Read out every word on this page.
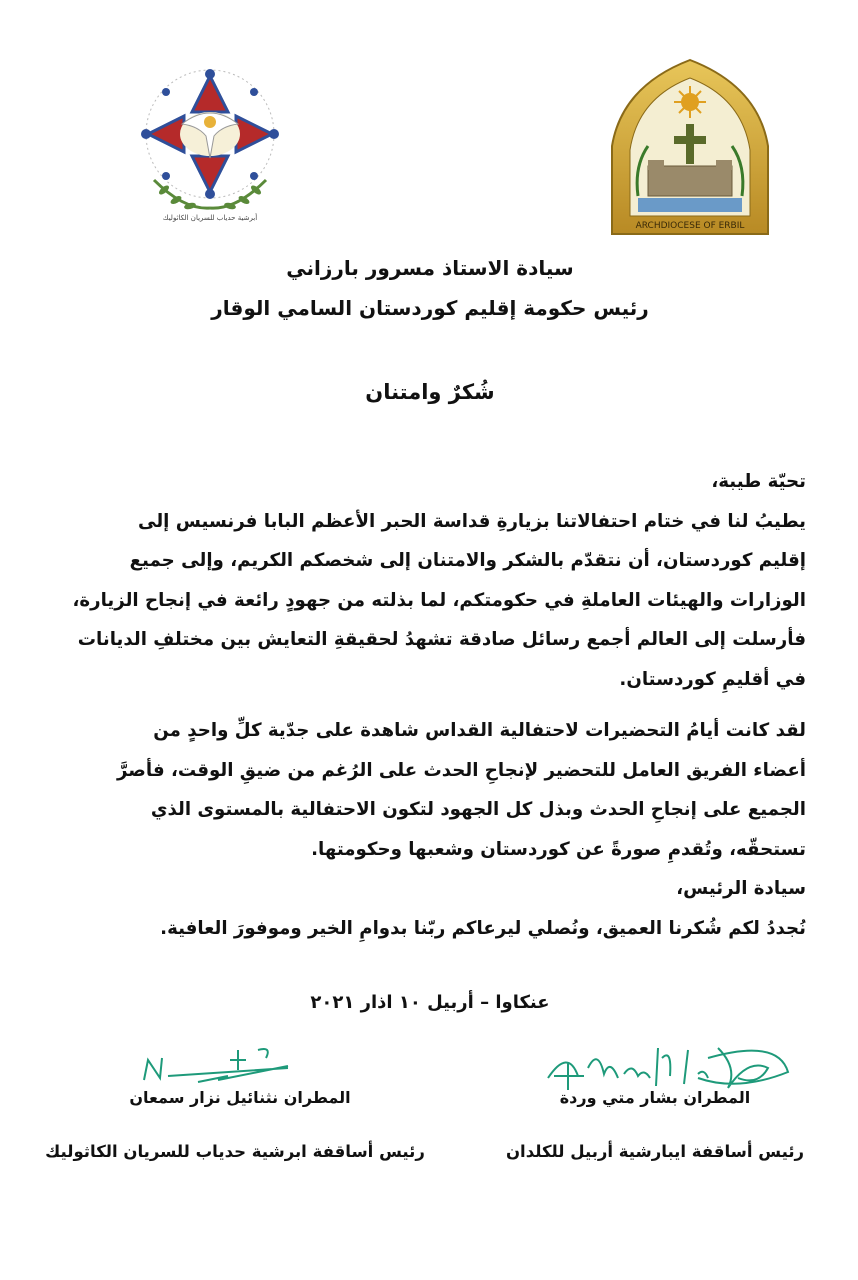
أبرشية حدياب للسريان الكاثوليك
ARCHDIOCESE OF ERBIL
سيادة الاستاذ مسرور بارزاني
رئيس حكومة إقليم كوردستان السامي الوقار
شُكرٌ وامتنان
تحيّة طيبة،
يطيبُ لنا في ختام احتفالاتنا بزيارةِ قداسة الحبر الأعظم البابا فرنسيس إلى
إقليم كوردستان، أن نتقدّم بالشكر والامتنان إلى شخصكم الكريم، وإلى جميع
الوزارات والهيئات العاملةِ في حكومتكم، لما بذلته من جهودٍ رائعة في إنجاح الزيارة،
فأرسلت إلى العالم أجمع رسائل صادقة تشهدُ لحقيقةِ التعايش بين مختلفِ الديانات
في أقليمِ كوردستان.
لقد كانت أيامُ التحضيرات لاحتفالية القداس شاهدة على جدّية كلِّ واحدٍ من
أعضاء الفريق العامل للتحضير لإنجاحِ الحدث على الرُغم من ضيقِ الوقت، فأصرَّ
الجميع على إنجاحِ الحدث وبذل كل الجهود لتكون الاحتفالية بالمستوى الذي
تستحقّه، وتُقدمِ صورةً عن كوردستان وشعبها وحكومتها.
سيادة الرئيس،
نُجددُ لكم شُكرنا العميق، ونُصلي ليرعاكم ربّنا بدوامِ الخير وموفورَ العافية.
عنكاوا – أربيل ١٠ اذار ٢٠٢١
المطران بشار متي وردة
المطران نثنائيل نزار سمعان
رئيس أساقفة ايبارشية أربيل للكلدان
رئيس أساقفة ابرشية حدياب للسريان الكاثوليك
